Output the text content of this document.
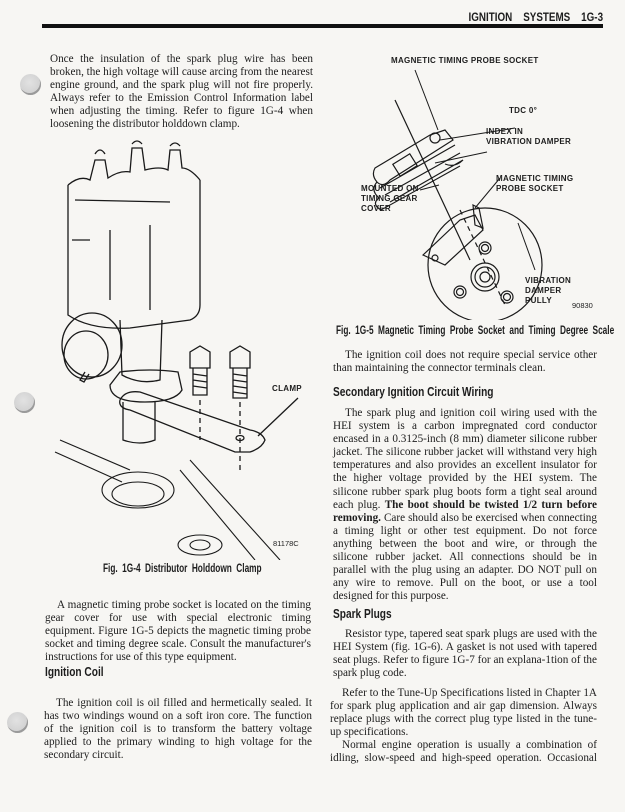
IGNITION SYSTEMS 1G-3
Once the insulation of the spark plug wire has been broken, the high voltage will cause arcing from the nearest engine ground, and the spark plug will not fire properly. Always refer to the Emission Control Information label when adjusting the timing. Refer to figure 1G-4 when loosening the distributor holddown clamp.
CLAMP
81178C
Fig. 1G-4 Distributor Holddown Clamp
A magnetic timing probe socket is located on the timing gear cover for use with special electronic timing equipment. Figure 1G-5 depicts the magnetic timing probe socket and timing degree scale. Consult the manufacturer's instructions for use of this type equipment.
Ignition Coil
The ignition coil is oil filled and hermetically sealed. It has two windings wound on a soft iron core. The function of the ignition coil is to transform the battery voltage applied to the primary winding to high voltage for the secondary circuit.
MAGNETIC TIMING PROBE SOCKET
TDC 0°
INDEX IN
VIBRATION DAMPER
MAGNETIC TIMING
PROBE SOCKET
MOUNTED ON
TIMING GEAR
COVER
VIBRATION
DAMPER
PULLY
90830
Fig. 1G-5 Magnetic Timing Probe Socket and Timing Degree Scale
The ignition coil does not require special service other than maintaining the connector terminals clean.
Secondary Ignition Circuit Wiring
The spark plug and ignition coil wiring used with the HEI system is a carbon impregnated cord conductor encased in a 0.3125-inch (8 mm) diameter silicone rubber jacket. The silicone rubber jacket will withstand very high temperatures and also provides an excellent insulator for the higher voltage provided by the HEI system. The silicone rubber spark plug boots form a tight seal around each plug. The boot should be twisted 1/2 turn before removing. Care should also be exercised when connecting a timing light or other test equipment. Do not force anything between the boot and wire, or through the silicone rubber jacket. All connections should be in parallel with the plug using an adapter. DO NOT pull on any wire to remove. Pull on the boot, or use a tool designed for this purpose.
Spark Plugs
Resistor type, tapered seat spark plugs are used with the HEI System (fig. 1G-6). A gasket is not used with tapered seat plugs. Refer to figure 1G-7 for an explana-1tion of the spark plug code.
Refer to the Tune-Up Specifications listed in Chapter 1A for spark plug application and air gap dimension. Always replace plugs with the correct plug type listed in the tune-up specifications.
Normal engine operation is usually a combination of idling, slow-speed and high-speed operation. Occasional
